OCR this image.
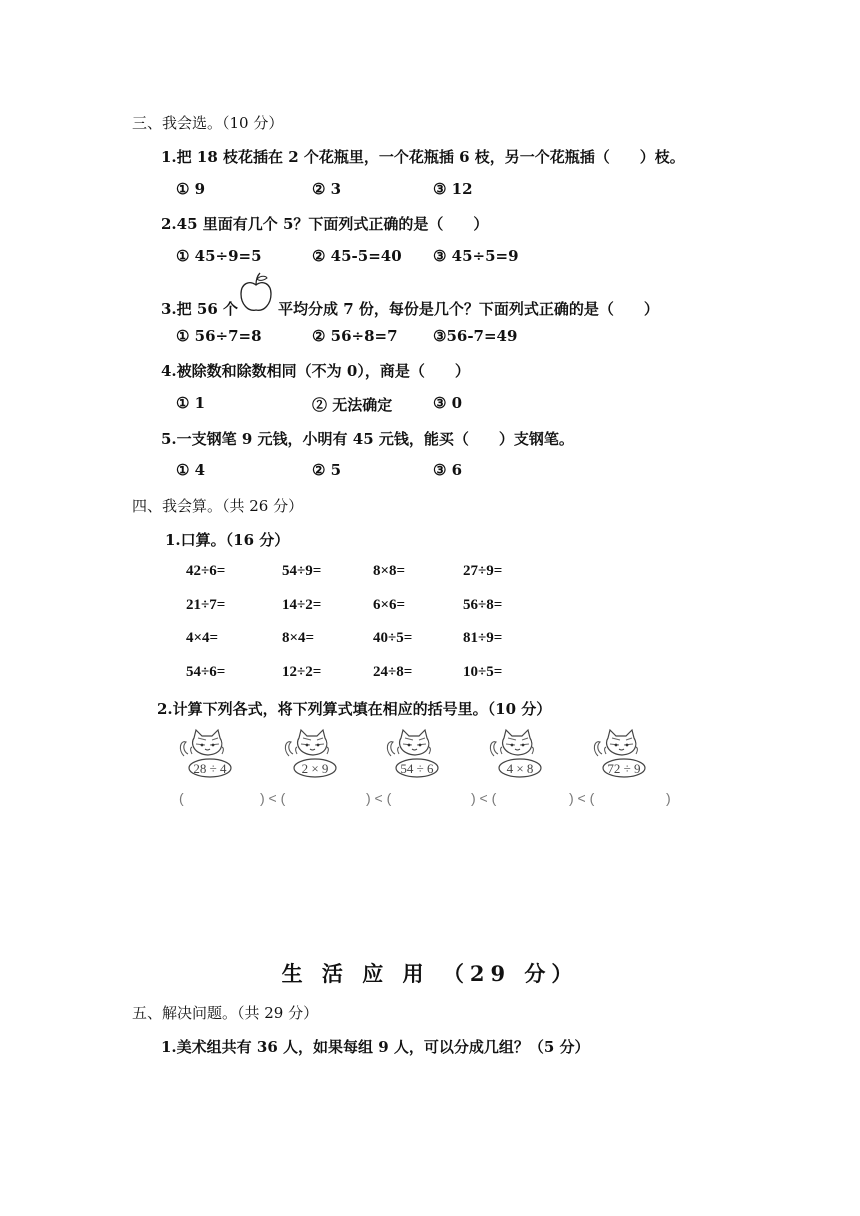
三、我会选。（10 分）
1.把 18 枝花插在 2 个花瓶里，一个花瓶插 6 枝，另一个花瓶插（　　）枝。
① 9	② 3	③ 12
2.45 里面有几个 5？下面列式正确的是（　　）
① 45÷9=5	② 45-5=40 ③ 45÷5=9
3.把 56 个	平均分成 7 份，每份是几个？下面列式正确的是（　　）
① 56÷7=8	② 56÷8=7 ③56-7=49
4.被除数和除数相同（不为 0），商是（　　）
① 1	② 无法确定	③ 0
5.一支钢笔 9 元钱，小明有 45 元钱，能买（　　）支钢笔。
① 4	② 5	③ 6
四、我会算。（共 26 分）
1.口算。（16 分）
42÷6=	54÷9=	8×8=	27÷9=
21÷7=	14÷2=	6×6=	56÷8=
4×4=	8×4=	40÷5=	81÷9=
54÷6=	12÷2=	24÷8=	10÷5=
2.计算下列各式，将下列算式填在相应的括号里。（10 分）
28 ÷ 4	2 × 9	54 ÷ 6	4 × 8	72 ÷ 9
(	) < (	) < (	) < (	) < (	)
生 活 应 用 （29 分）
五、解决问题。（共 29 分）
1.美术组共有 36 人，如果每组 9 人，可以分成几组？（5 分）
